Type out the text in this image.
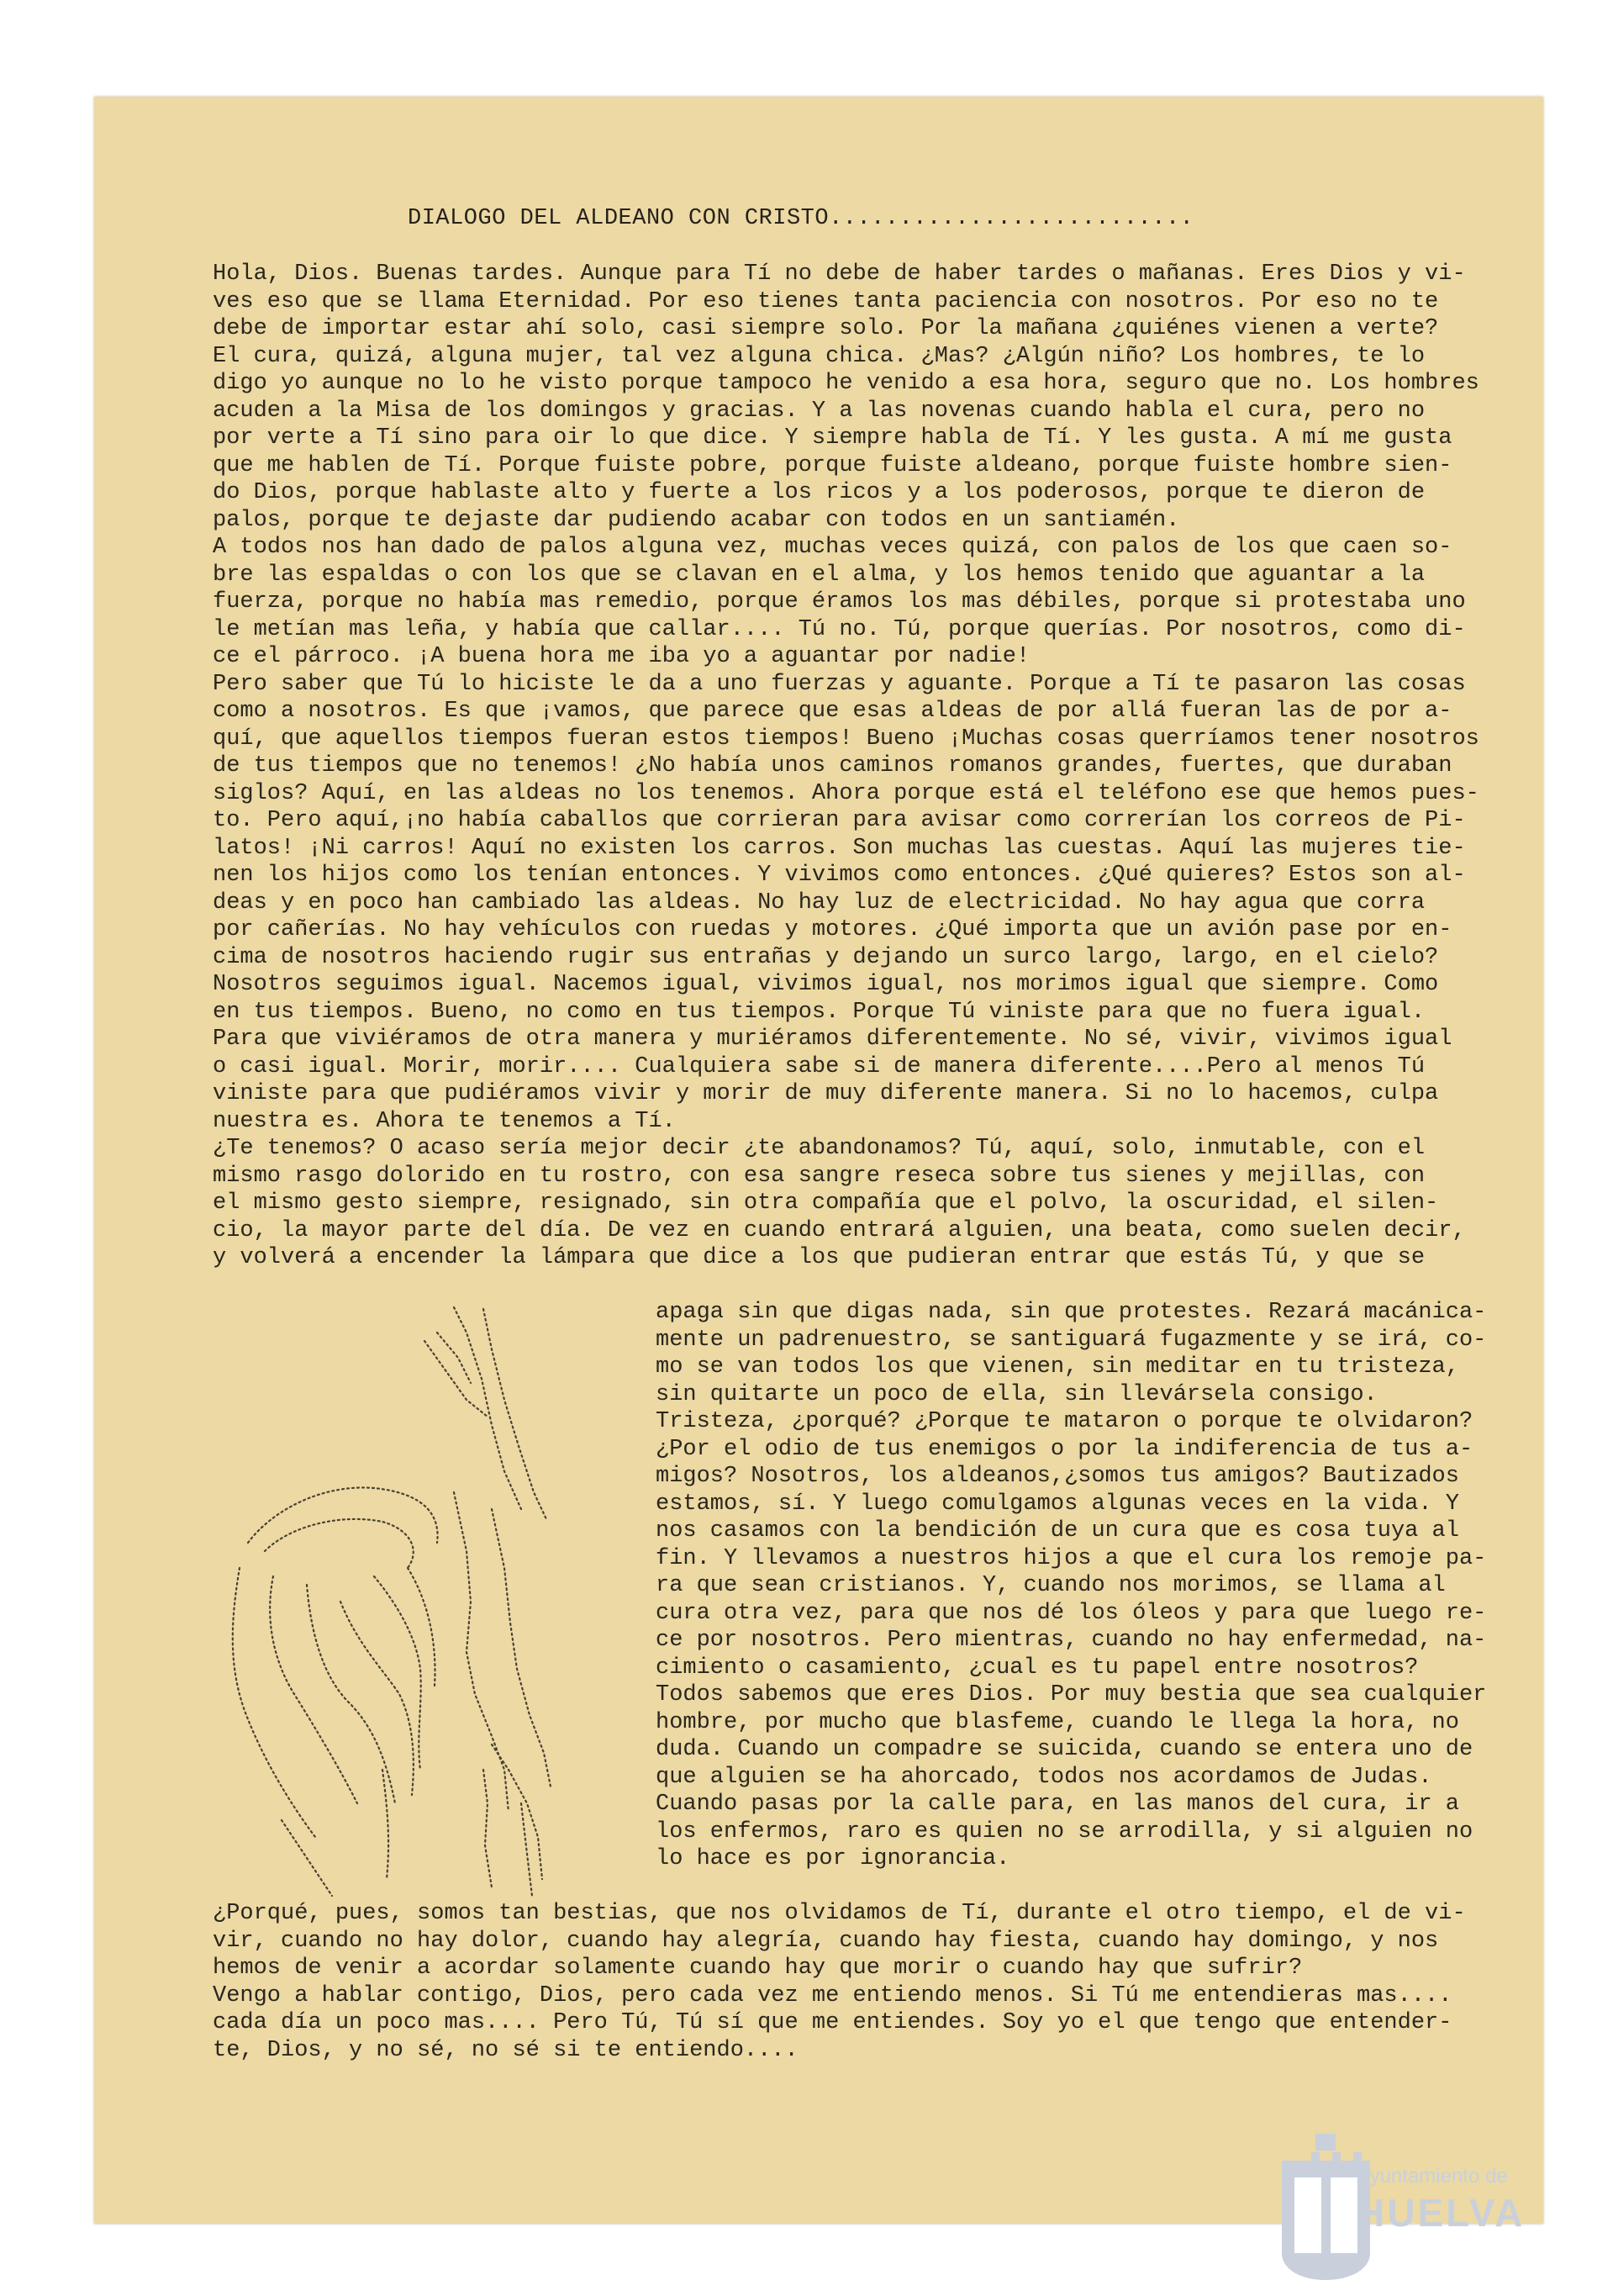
DIALOGO DEL ALDEANO CON CRISTO..........................
Hola, Dios. Buenas tardes. Aunque para Tí no debe de haber tardes o mañanas. Eres Dios y vi-
ves eso que se llama Eternidad. Por eso tienes tanta paciencia con nosotros. Por eso no te
debe de importar estar ahí solo, casi siempre solo. Por la mañana ¿quiénes vienen a verte?
El cura, quizá, alguna mujer, tal vez alguna chica. ¿Mas? ¿Algún niño? Los hombres, te lo
digo yo aunque no lo he visto porque tampoco he venido a esa hora, seguro que no. Los hombres
acuden a la Misa de los domingos y gracias. Y a las novenas cuando habla el cura, pero no
por verte a Tí sino para oir lo que dice. Y siempre habla de Tí. Y les gusta. A mí me gusta
que me hablen de Tí. Porque fuiste pobre, porque fuiste aldeano, porque fuiste hombre sien-
do Dios, porque hablaste alto y fuerte a los ricos y a los poderosos, porque te dieron de
palos, porque te dejaste dar pudiendo acabar con todos en un santiamén.
A todos nos han dado de palos alguna vez, muchas veces quizá, con palos de los que caen so-
bre las espaldas o con los que se clavan en el alma, y los hemos tenido que aguantar a la
fuerza, porque no había mas remedio, porque éramos los mas débiles, porque si protestaba uno
le metían mas leña, y había que callar.... Tú no. Tú, porque querías. Por nosotros, como di-
ce el párroco. ¡A buena hora me iba yo a aguantar por nadie!
Pero saber que Tú lo hiciste le da a uno fuerzas y aguante. Porque a Tí te pasaron las cosas
como a nosotros. Es que ¡vamos, que parece que esas aldeas de por allá fueran las de por a-
quí, que aquellos tiempos fueran estos tiempos! Bueno ¡Muchas cosas querríamos tener nosotros
de tus tiempos que no tenemos! ¿No había unos caminos romanos grandes, fuertes, que duraban
siglos? Aquí, en las aldeas no los tenemos. Ahora porque está el teléfono ese que hemos pues-
to. Pero aquí,¡no había caballos que corrieran para avisar como correrían los correos de Pi-
latos! ¡Ni carros! Aquí no existen los carros. Son muchas las cuestas. Aquí las mujeres tie-
nen los hijos como los tenían entonces. Y vivimos como entonces. ¿Qué quieres? Estos son al-
deas y en poco han cambiado las aldeas. No hay luz de electricidad. No hay agua que corra
por cañerías. No hay vehículos con ruedas y motores. ¿Qué importa que un avión pase por en-
cima de nosotros haciendo rugir sus entrañas y dejando un surco largo, largo, en el cielo?
Nosotros seguimos igual. Nacemos igual, vivimos igual, nos morimos igual que siempre. Como
en tus tiempos. Bueno, no como en tus tiempos. Porque Tú viniste para que no fuera igual.
Para que viviéramos de otra manera y muriéramos diferentemente. No sé, vivir, vivimos igual
o casi igual. Morir, morir.... Cualquiera sabe si de manera diferente....Pero al menos Tú
viniste para que pudiéramos vivir y morir de muy diferente manera. Si no lo hacemos, culpa
nuestra es. Ahora te tenemos a Tí.
¿Te tenemos? O acaso sería mejor decir ¿te abandonamos? Tú, aquí, solo, inmutable, con el
mismo rasgo dolorido en tu rostro, con esa sangre reseca sobre tus sienes y mejillas, con
el mismo gesto siempre, resignado, sin otra compañía que el polvo, la oscuridad, el silen-
cio, la mayor parte del día. De vez en cuando entrará alguien, una beata, como suelen decir,
y volverá a encender la lámpara que dice a los que pudieran entrar que estás Tú, y que se
apaga sin que digas nada, sin que protestes. Rezará macánica-
mente un padrenuestro, se santiguará fugazmente y se irá, co-
mo se van todos los que vienen, sin meditar en tu tristeza,
sin quitarte un poco de ella, sin llevársela consigo.
Tristeza, ¿porqué? ¿Porque te mataron o porque te olvidaron?
¿Por el odio de tus enemigos o por la indiferencia de tus a-
migos? Nosotros, los aldeanos,¿somos tus amigos? Bautizados
estamos, sí. Y luego comulgamos algunas veces en la vida. Y
nos casamos con la bendición de un cura que es cosa tuya al
fin. Y llevamos a nuestros hijos a que el cura los remoje pa-
ra que sean cristianos. Y, cuando nos morimos, se llama al
cura otra vez, para que nos dé los óleos y para que luego re-
ce por nosotros. Pero mientras, cuando no hay enfermedad, na-
cimiento o casamiento, ¿cual es tu papel entre nosotros?
Todos sabemos que eres Dios. Por muy bestia que sea cualquier
hombre, por mucho que blasfeme, cuando le llega la hora, no
duda. Cuando un compadre se suicida, cuando se entera uno de
que alguien se ha ahorcado, todos nos acordamos de Judas.
Cuando pasas por la calle para, en las manos del cura, ir a
los enfermos, raro es quien no se arrodilla, y si alguien no
lo hace es por ignorancia.
¿Porqué, pues, somos tan bestias, que nos olvidamos de Tí, durante el otro tiempo, el de vi-
vir, cuando no hay dolor, cuando hay alegría, cuando hay fiesta, cuando hay domingo, y nos
hemos de venir a acordar solamente cuando hay que morir o cuando hay que sufrir?
Vengo a hablar contigo, Dios, pero cada vez me entiendo menos. Si Tú me entendieras mas....
cada día un poco mas.... Pero Tú, Tú sí que me entiendes. Soy yo el que tengo que entender-
te, Dios, y no sé, no sé si te entiendo....
Ayuntamiento de
HUELVA
